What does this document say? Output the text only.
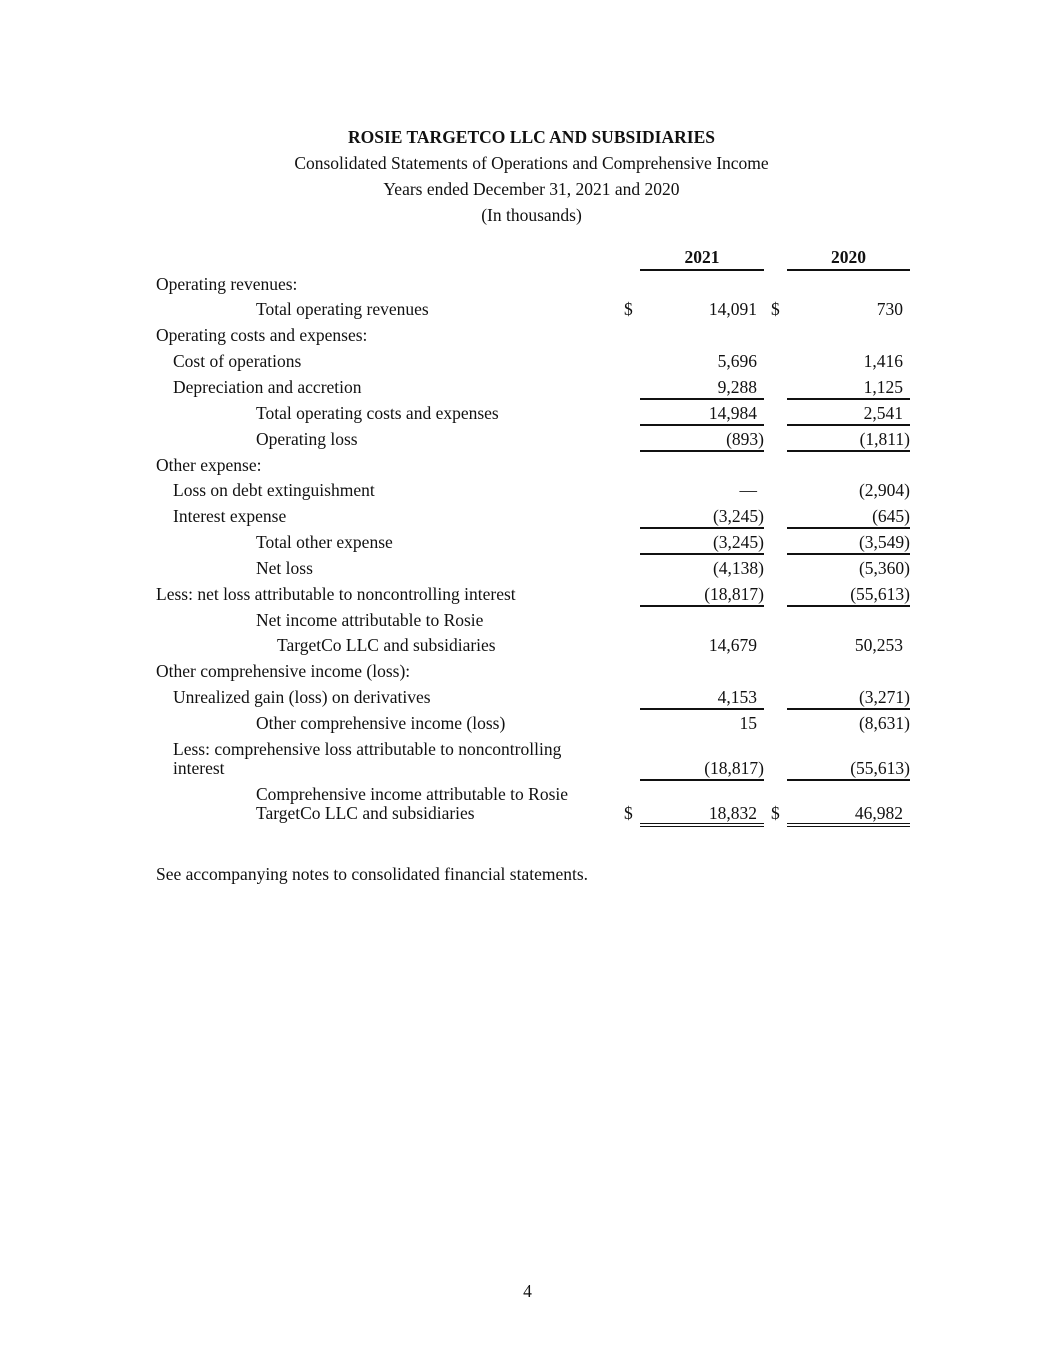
ROSIE TARGETCO LLC AND SUBSIDIARIES
Consolidated Statements of Operations and Comprehensive Income
Years ended December 31, 2021 and 2020
(In thousands)
2021	2020
Operating revenues:
Total operating revenues	$	14,091 $	730
Operating costs and expenses:
Cost of operations	5,696	1,416
Depreciation and accretion	9,288	1,125
Total operating costs and expenses	14,984	2,541
Operating loss	(893)	(1,811)
Other expense:
Loss on debt extinguishment	—	(2,904)
Interest expense	(3,245)	(645)
Total other expense	(3,245)	(3,549)
Net loss	(4,138)	(5,360)
Less: net loss attributable to noncontrolling interest	(18,817)	(55,613)
Net income attributable to Rosie
TargetCo LLC and subsidiaries	14,679	50,253
Other comprehensive income (loss):
Unrealized gain (loss) on derivatives	4,153	(3,271)
Other comprehensive income (loss)	15	(8,631)
Less: comprehensive loss attributable to noncontrolling
interest	(18,817)	(55,613)
Comprehensive income attributable to Rosie
TargetCo LLC and subsidiaries	$	18,832 $	46,982
See accompanying notes to consolidated financial statements.
4
